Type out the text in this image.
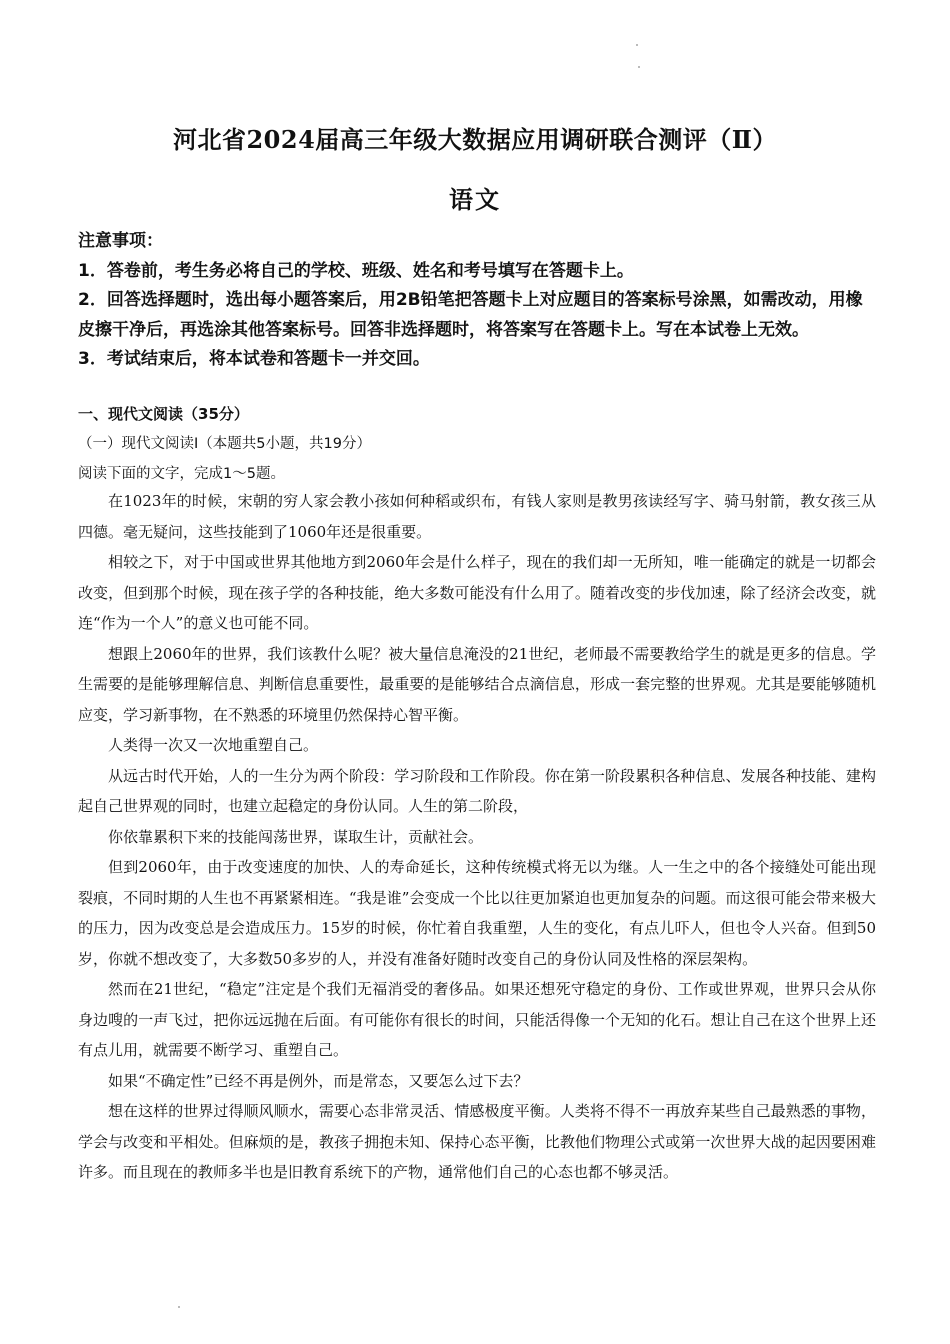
河北省2024届高三年级大数据应用调研联合测评（Ⅱ）
语文

注意事项：

1．答卷前，考生务必将自己的学校、班级、姓名和考号填写在答题卡上。

2．回答选择题时，选出每小题答案后，用2B铅笔把答题卡上对应题目的答案标号涂黑，如需改动，用橡皮擦干净后，再选涂其他答案标号。回答非选择题时，将答案写在答题卡上。写在本试卷上无效。

3．考试结束后，将本试卷和答题卡一并交回。

一、现代文阅读（35分）
（一）现代文阅读Ⅰ（本题共5小题，共19分）
阅读下面的文字，完成1～5题。

在1023年的时候，宋朝的穷人家会教小孩如何种稻或织布，有钱人家则是教男孩读经写字、骑马射箭，教女孩三从四德。毫无疑问，这些技能到了1060年还是很重要。

相较之下，对于中国或世界其他地方到2060年会是什么样子，现在的我们却一无所知，唯一能确定的就是一切都会改变，但到那个时候，现在孩子学的各种技能，绝大多数可能没有什么用了。随着改变的步伐加速，除了经济会改变，就连“作为一个人”的意义也可能不同。

想跟上2060年的世界，我们该教什么呢？被大量信息淹没的21世纪，老师最不需要教给学生的就是更多的信息。学生需要的是能够理解信息、判断信息重要性，最重要的是能够结合点滴信息，形成一套完整的世界观。尤其是要能够随机应变，学习新事物，在不熟悉的环境里仍然保持心智平衡。

人类得一次又一次地重塑自己。

从远古时代开始，人的一生分为两个阶段：学习阶段和工作阶段。你在第一阶段累积各种信息、发展各种技能、建构起自己世界观的同时，也建立起稳定的身份认同。人生的第二阶段，

你依靠累积下来的技能闯荡世界，谋取生计，贡献社会。

但到2060年，由于改变速度的加快、人的寿命延长，这种传统模式将无以为继。人一生之中的各个接缝处可能出现裂痕，不同时期的人生也不再紧紧相连。“我是谁”会变成一个比以往更加紧迫也更加复杂的问题。而这很可能会带来极大的压力，因为改变总是会造成压力。15岁的时候，你忙着自我重塑，人生的变化，有点儿吓人，但也令人兴奋。但到50岁，你就不想改变了，大多数50多岁的人，并没有准备好随时改变自己的身份认同及性格的深层架构。

然而在21世纪，“稳定”注定是个我们无福消受的奢侈品。如果还想死守稳定的身份、工作或世界观，世界只会从你身边嗖的一声飞过，把你远远抛在后面。有可能你有很长的时间，只能活得像一个无知的化石。想让自己在这个世界上还有点儿用，就需要不断学习、重塑自己。

如果“不确定性”已经不再是例外，而是常态，又要怎么过下去？

想在这样的世界过得顺风顺水，需要心态非常灵活、情感极度平衡。人类将不得不一再放弃某些自己最熟悉的事物，学会与改变和平相处。但麻烦的是，教孩子拥抱未知、保持心态平衡，比教他们物理公式或第一次世界大战的起因要困难许多。而且现在的教师多半也是旧教育系统下的产物，通常他们自己的心态也都不够灵活。
